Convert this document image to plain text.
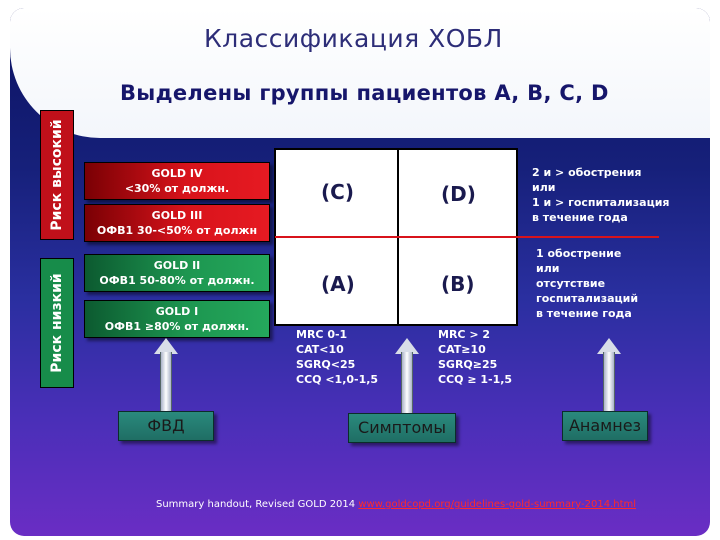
Классификация ХОБЛ
Выделены группы пациентов A, B, C, D
Риск высокий
Риск низкий
GOLD IV
<30% от должн.
GOLD III
ОФВ1 30-<50% от должн
GOLD II
ОФВ1 50-80% от должн.
GOLD I
ОФВ1 ≥80% от должн.
(C)	(D)
(A)	(B)
2 и > обострения
или
1 и > госпитализация
в течение года
1 обострение
или
отсутствие
госпитализаций
в течение года
MRC 0-1
CAT<10
SGRQ<25
CCQ <1,0-1,5
MRC > 2
CAT≥10
SGRQ≥25
CCQ ≥ 1-1,5
ФВД	Симптомы	Анамнез
Summary handout, Revised GOLD 2014 www.goldcopd.org/guidelines-gold-summary-2014.html
